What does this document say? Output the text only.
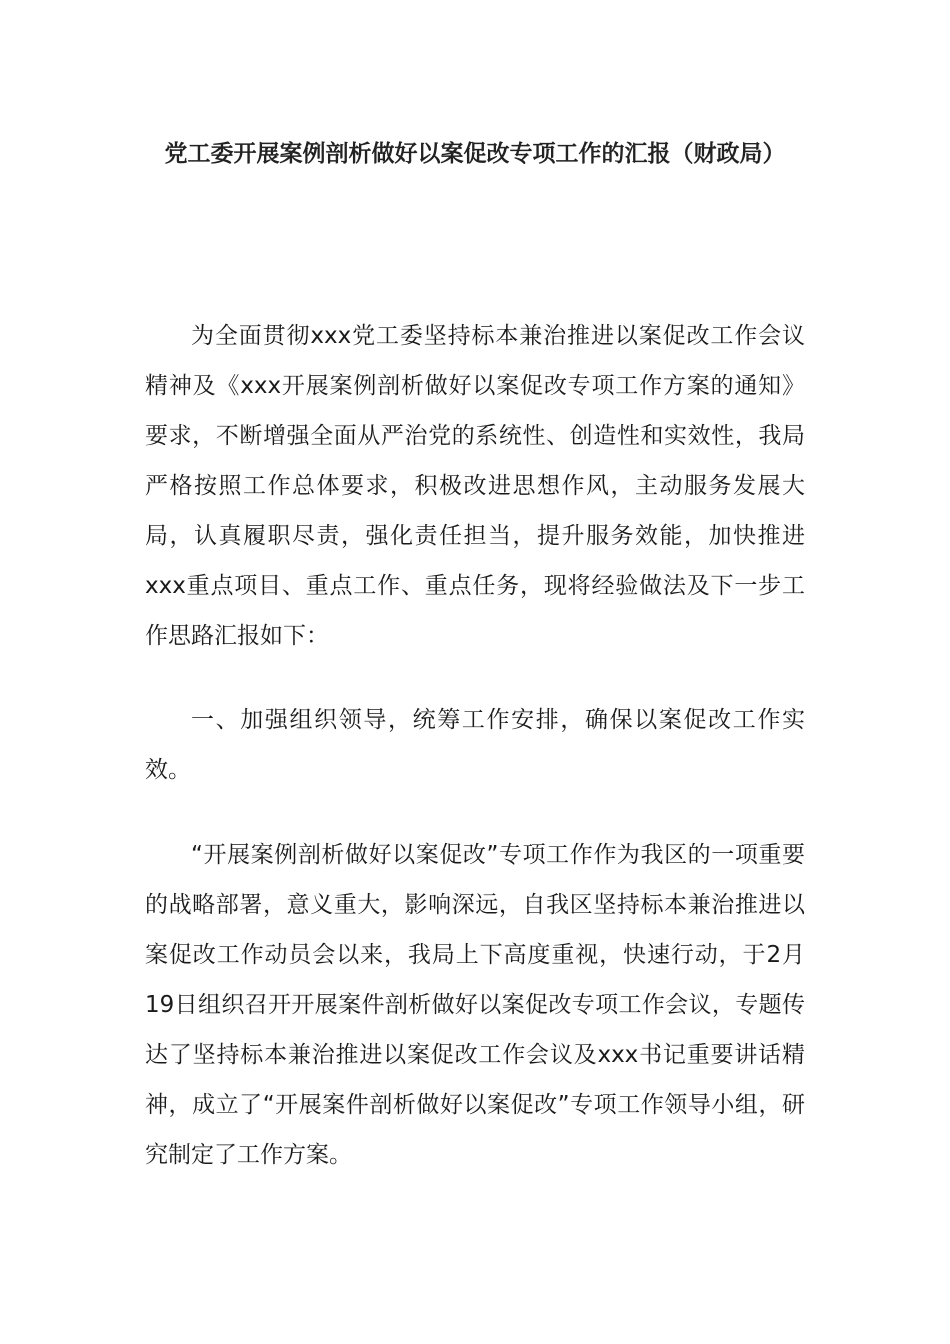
党工委开展案例剖析做好以案促改专项工作的汇报（财政局）

为全面贯彻xxx党工委坚持标本兼治推进以案促改工作会议精神及《xxx开展案例剖析做好以案促改专项工作方案的通知》要求，不断增强全面从严治党的系统性、创造性和实效性，我局严格按照工作总体要求，积极改进思想作风，主动服务发展大局，认真履职尽责，强化责任担当，提升服务效能，加快推进xxx重点项目、重点工作、重点任务，现将经验做法及下一步工作思路汇报如下：

一、加强组织领导，统筹工作安排，确保以案促改工作实效。

“开展案例剖析做好以案促改”专项工作作为我区的一项重要的战略部署，意义重大，影响深远，自我区坚持标本兼治推进以案促改工作动员会以来，我局上下高度重视，快速行动，于2月19日组织召开开展案件剖析做好以案促改专项工作会议，专题传达了坚持标本兼治推进以案促改工作会议及xxx书记重要讲话精神，成立了“开展案件剖析做好以案促改”专项工作领导小组，研究制定了工作方案。
